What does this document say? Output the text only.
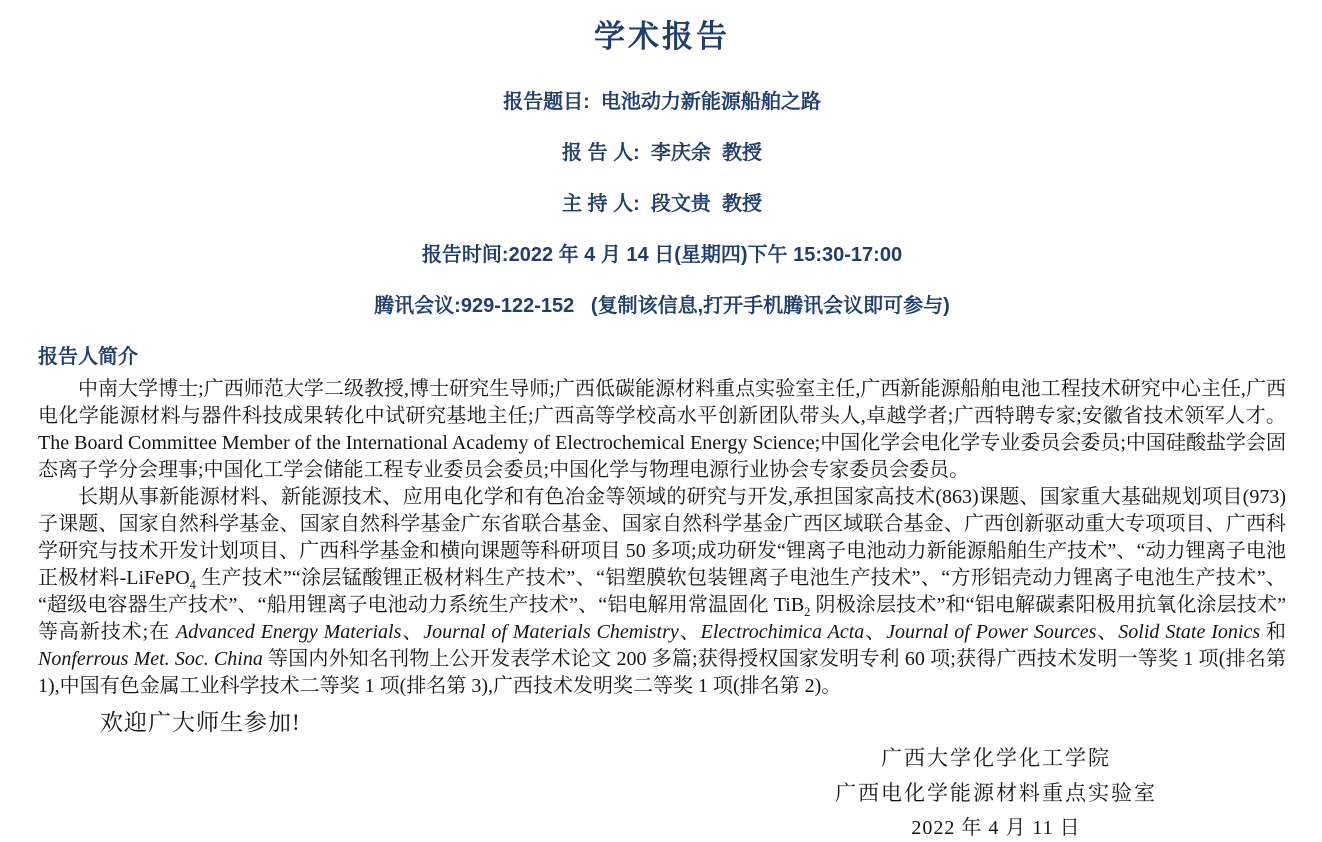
学术报告

报告题目:  电池动力新能源船舶之路

报 告 人:  李庆余  教授

主 持 人:  段文贵  教授

报告时间:2022 年 4 月 14 日(星期四)下午 15:30-17:00

腾讯会议:929-122-152   (复制该信息,打开手机腾讯会议即可参与)

报告人简介

中南大学博士;广西师范大学二级教授,博士研究生导师;广西低碳能源材料重点实验室主任,广西新能源船舶电池工程技术研究中心主任,广西电化学能源材料与器件科技成果转化中试研究基地主任;广西高等学校高水平创新团队带头人,卓越学者;广西特聘专家;安徽省技术领军人才。The Board Committee Member of the International Academy of Electrochemical Energy Science;中国化学会电化学专业委员会委员;中国硅酸盐学会固态离子学分会理事;中国化工学会储能工程专业委员会委员;中国化学与物理电源行业协会专家委员会委员。

长期从事新能源材料、新能源技术、应用电化学和有色冶金等领域的研究与开发,承担国家高技术(863)课题、国家重大基础规划项目(973)子课题、国家自然科学基金、国家自然科学基金广东省联合基金、国家自然科学基金广西区域联合基金、广西创新驱动重大专项项目、广西科学研究与技术开发计划项目、广西科学基金和横向课题等科研项目 50 多项;成功研发“锂离子电池动力新能源船舶生产技术”、“动力锂离子电池正极材料-LiFePO$_4$ 生产技术”“涂层锰酸锂正极材料生产技术”、“铝塑膜软包装锂离子电池生产技术”、“方形铝壳动力锂离子电池生产技术”、“超级电容器生产技术”、“船用锂离子电池动力系统生产技术”、“铝电解用常温固化 TiB$_2$ 阴极涂层技术”和“铝电解碳素阳极用抗氧化涂层技术”等高新技术;在 Advanced Energy Materials、Journal of Materials Chemistry、Electrochimica Acta、Journal of Power Sources、Solid State Ionics 和 Nonferrous Met. Soc. China 等国内外知名刊物上公开发表学术论文 200 多篇;获得授权国家发明专利 60 项;获得广西技术发明一等奖 1 项(排名第 1),中国有色金属工业科学技术二等奖 1 项(排名第 3),广西技术发明奖二等奖 1 项(排名第 2)。

欢迎广大师生参加!

广西大学化学化工学院

广西电化学能源材料重点实验室

2022 年 4 月 11 日
